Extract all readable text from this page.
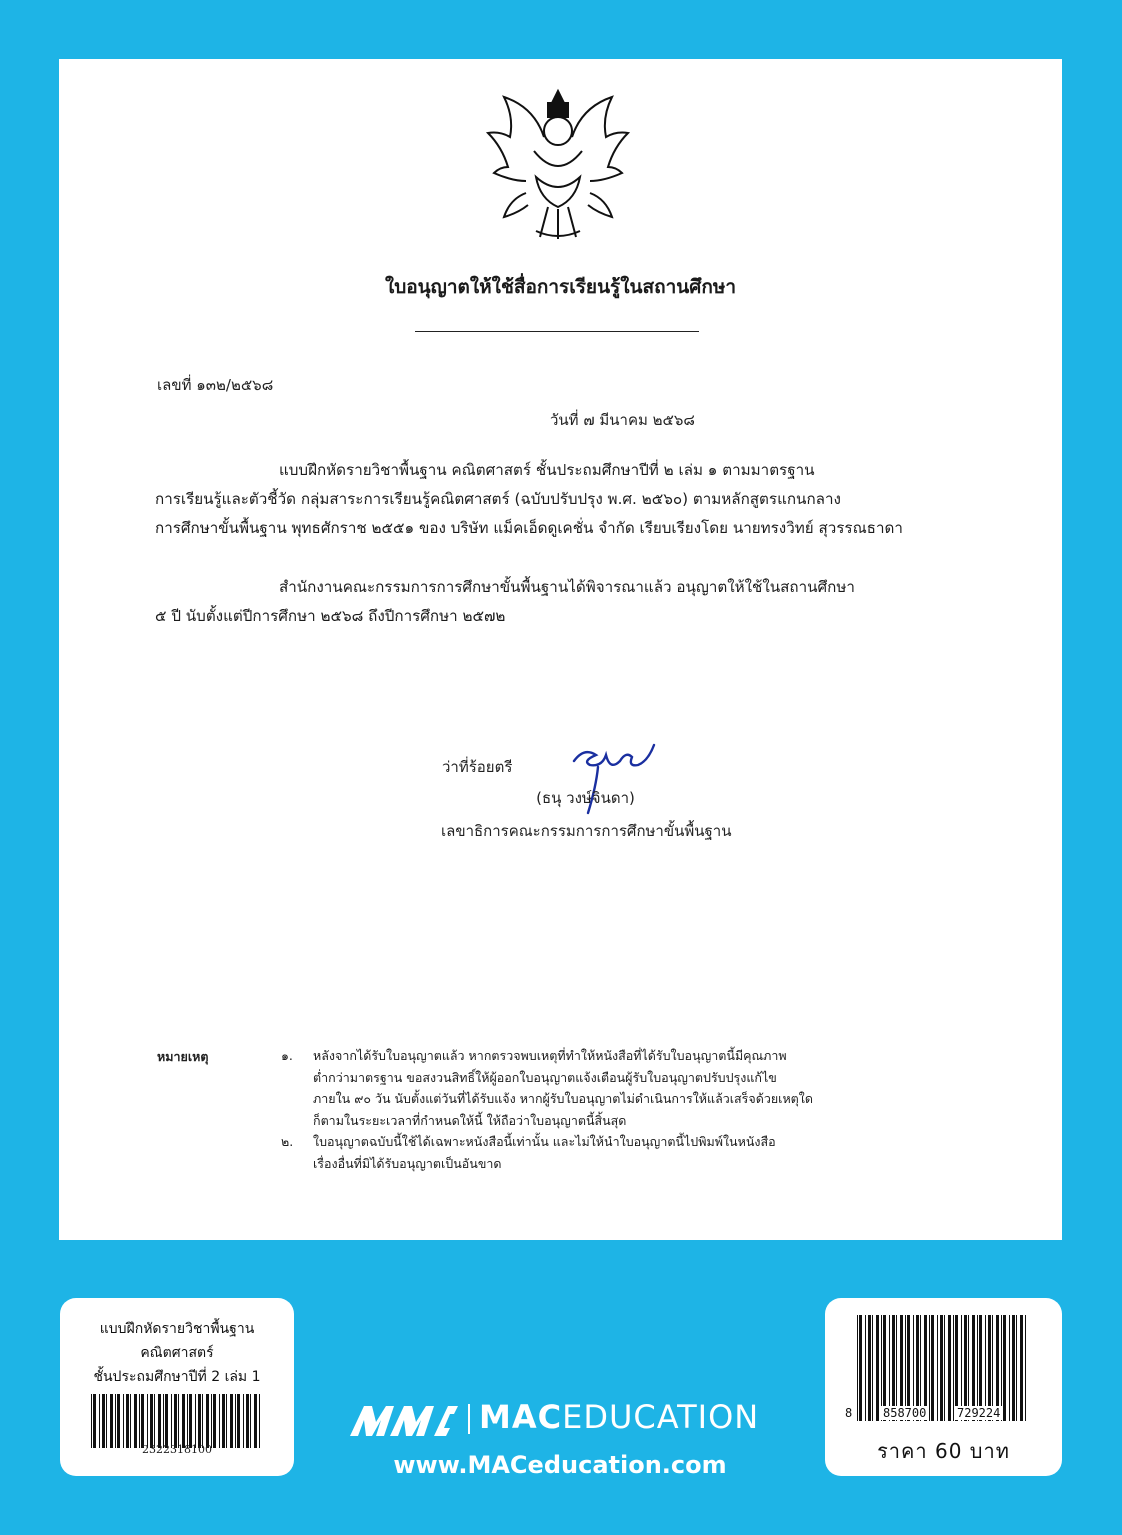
ใบอนุญาตให้ใช้สื่อการเรียนรู้ในสถานศึกษา
เลขที่ ๑๓๒/๒๕๖๘
วันที่ ๗ มีนาคม ๒๕๖๘
แบบฝึกหัดรายวิชาพื้นฐาน คณิตศาสตร์ ชั้นประถมศึกษาปีที่ ๒ เล่ม ๑ ตามมาตรฐาน
การเรียนรู้และตัวชี้วัด กลุ่มสาระการเรียนรู้คณิตศาสตร์ (ฉบับปรับปรุง พ.ศ. ๒๕๖๐) ตามหลักสูตรแกนกลาง
การศึกษาขั้นพื้นฐาน พุทธศักราช ๒๕๕๑ ของ บริษัท แม็คเอ็ดดูเคชั่น จำกัด เรียบเรียงโดย นายทรงวิทย์ สุวรรณธาดา
สำนักงานคณะกรรมการการศึกษาขั้นพื้นฐานได้พิจารณาแล้ว อนุญาตให้ใช้ในสถานศึกษา
๕ ปี นับตั้งแต่ปีการศึกษา ๒๕๖๘ ถึงปีการศึกษา ๒๕๗๒
ว่าที่ร้อยตรี
(ธนุ วงษ์จินดา)
เลขาธิการคณะกรรมการการศึกษาขั้นพื้นฐาน
หมายเหตุ	๑. หลังจากได้รับใบอนุญาตแล้ว หากตรวจพบเหตุที่ทำให้หนังสือที่ได้รับใบอนุญาตนี้มีคุณภาพ
ต่ำกว่ามาตรฐาน ขอสงวนสิทธิ์ให้ผู้ออกใบอนุญาตแจ้งเตือนผู้รับใบอนุญาตปรับปรุงแก้ไข
ภายใน ๙๐ วัน นับตั้งแต่วันที่ได้รับแจ้ง หากผู้รับใบอนุญาตไม่ดำเนินการให้แล้วเสร็จด้วยเหตุใด
ก็ตามในระยะเวลาที่กำหนดให้นี้ ให้ถือว่าใบอนุญาตนี้สิ้นสุด
๒. ใบอนุญาตฉบับนี้ใช้ได้เฉพาะหนังสือนี้เท่านั้น และไม่ให้นำใบอนุญาตนี้ไปพิมพ์ในหนังสือ
เรื่องอื่นที่มิได้รับอนุญาตเป็นอันขาด
แบบฝึกหัดรายวิชาพื้นฐาน
คณิตศาสตร์
ชั้นประถมศึกษาปีที่ 2 เล่ม 1
2322318100
8	858700	729224
ราคา 60 บาท
MACEDUCATION
www.MACeducation.com
